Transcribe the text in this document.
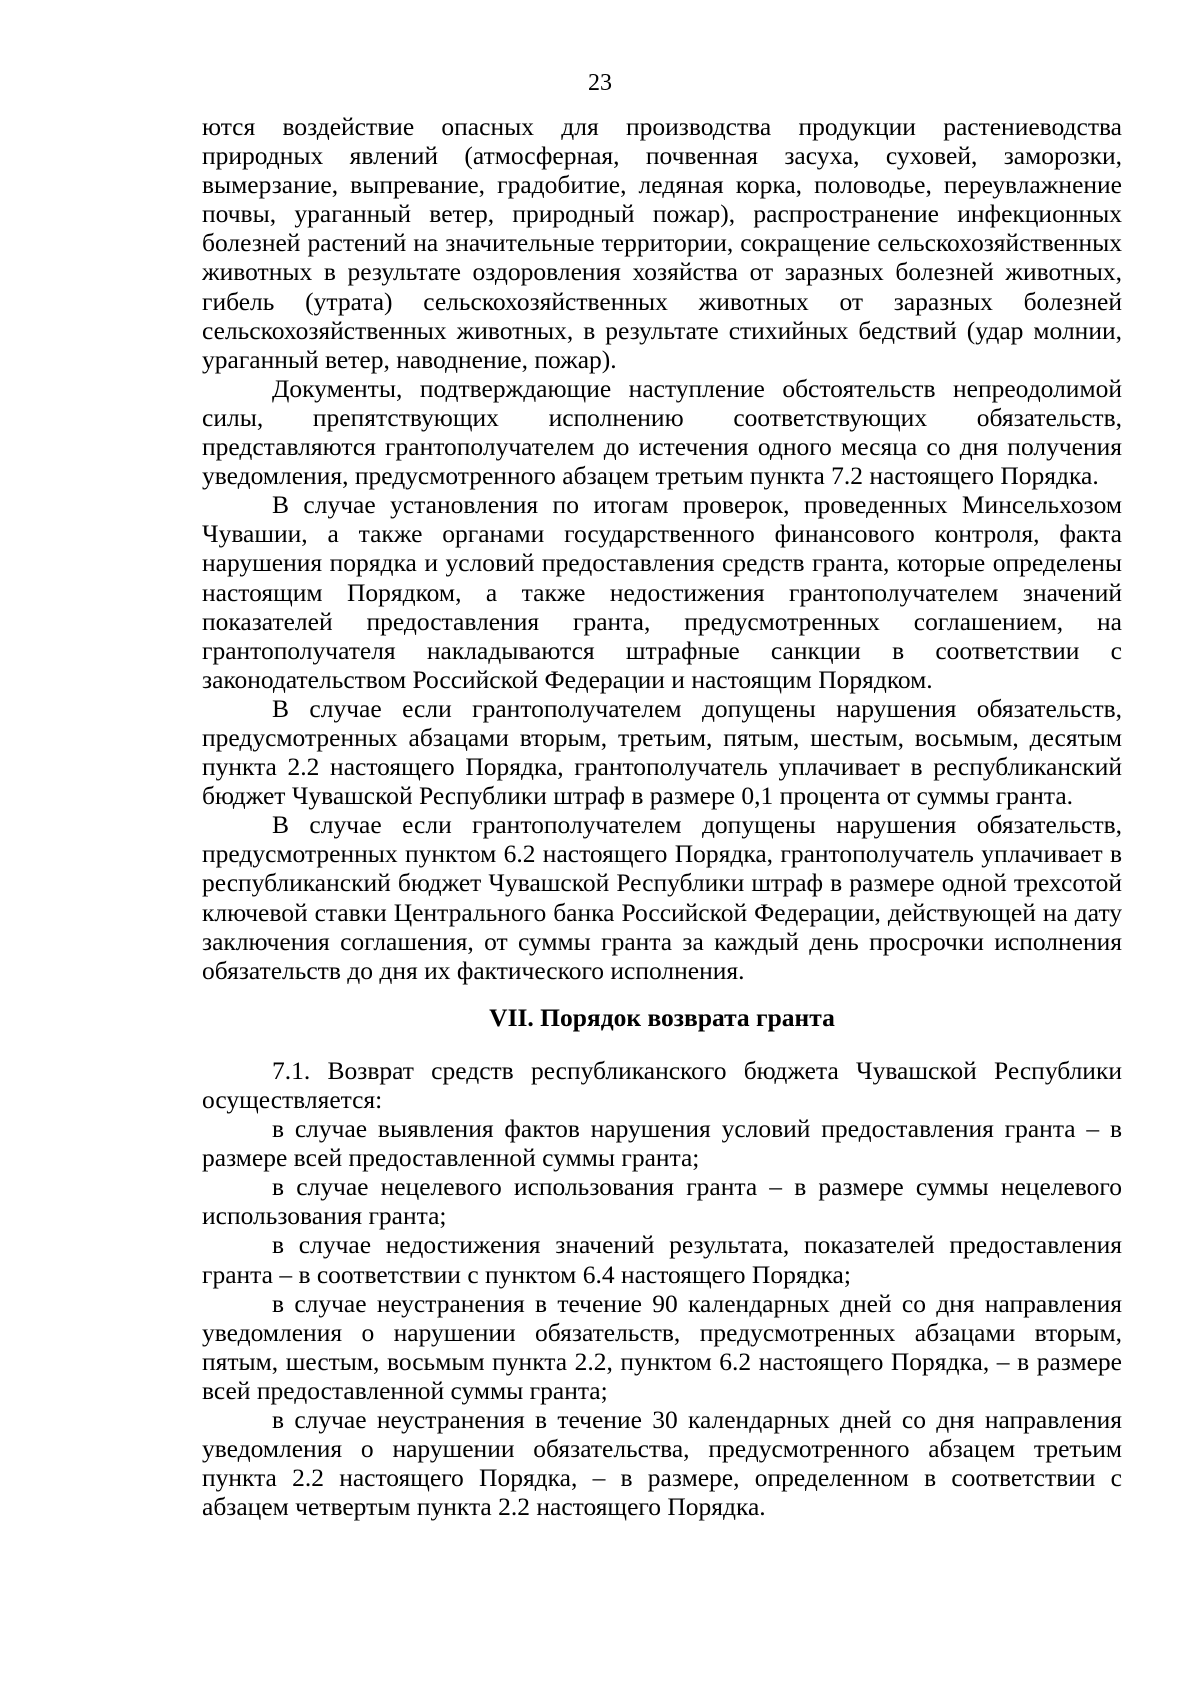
23

ются воздействие опасных для производства продукции растениеводства природных явлений (атмосферная, почвенная засуха, суховей, заморозки, вымерзание, выпревание, градобитие, ледяная корка, половодье, переувлажнение почвы, ураганный ветер, природный пожар), распространение инфекционных болезней растений на значительные территории, сокращение сельскохозяйственных животных в результате оздоровления хозяйства от заразных болезней животных, гибель (утрата) сельскохозяйственных животных от заразных болезней сельскохозяйственных животных, в результате стихийных бедствий (удар молнии, ураганный ветер, наводнение, пожар).

Документы, подтверждающие наступление обстоятельств непреодолимой силы, препятствующих исполнению соответствующих обязательств, представляются грантополучателем до истечения одного месяца со дня получения уведомления, предусмотренного абзацем третьим пункта 7.2 настоящего Порядка.

В случае установления по итогам проверок, проведенных Минсельхозом Чувашии, а также органами государственного финансового контроля, факта нарушения порядка и условий предоставления средств гранта, которые определены настоящим Порядком, а также недостижения грантополучателем значений показателей предоставления гранта, предусмотренных соглашением, на грантополучателя накладываются штрафные санкции в соответствии с законодательством Российской Федерации и настоящим Порядком.

В случае если грантополучателем допущены нарушения обязательств, предусмотренных абзацами вторым, третьим, пятым, шестым, восьмым, десятым пункта 2.2 настоящего Порядка, грантополучатель уплачивает в республиканский бюджет Чувашской Республики штраф в размере 0,1 процента от суммы гранта.

В случае если грантополучателем допущены нарушения обязательств, предусмотренных пунктом 6.2 настоящего Порядка, грантополучатель уплачивает в республиканский бюджет Чувашской Республики штраф в размере одной трехсотой ключевой ставки Центрального банка Российской Федерации, действующей на дату заключения соглашения, от суммы гранта за каждый день просрочки исполнения обязательств до дня их фактического исполнения.

VII. Порядок возврата гранта

7.1. Возврат средств республиканского бюджета Чувашской Республики осуществляется:

в случае выявления фактов нарушения условий предоставления гранта – в размере всей предоставленной суммы гранта;

в случае нецелевого использования гранта – в размере суммы нецелевого использования гранта;

в случае недостижения значений результата, показателей предоставления гранта – в соответствии с пунктом 6.4 настоящего Порядка;

в случае неустранения в течение 90 календарных дней со дня направления уведомления о нарушении обязательств, предусмотренных абзацами вторым, пятым, шестым, восьмым пункта 2.2, пунктом 6.2 настоящего Порядка, – в размере всей предоставленной суммы гранта;

в случае неустранения в течение 30 календарных дней со дня направления уведомления о нарушении обязательства, предусмотренного абзацем третьим пункта 2.2 настоящего Порядка, – в размере, определенном в соответствии с абзацем четвертым пункта 2.2 настоящего Порядка.
